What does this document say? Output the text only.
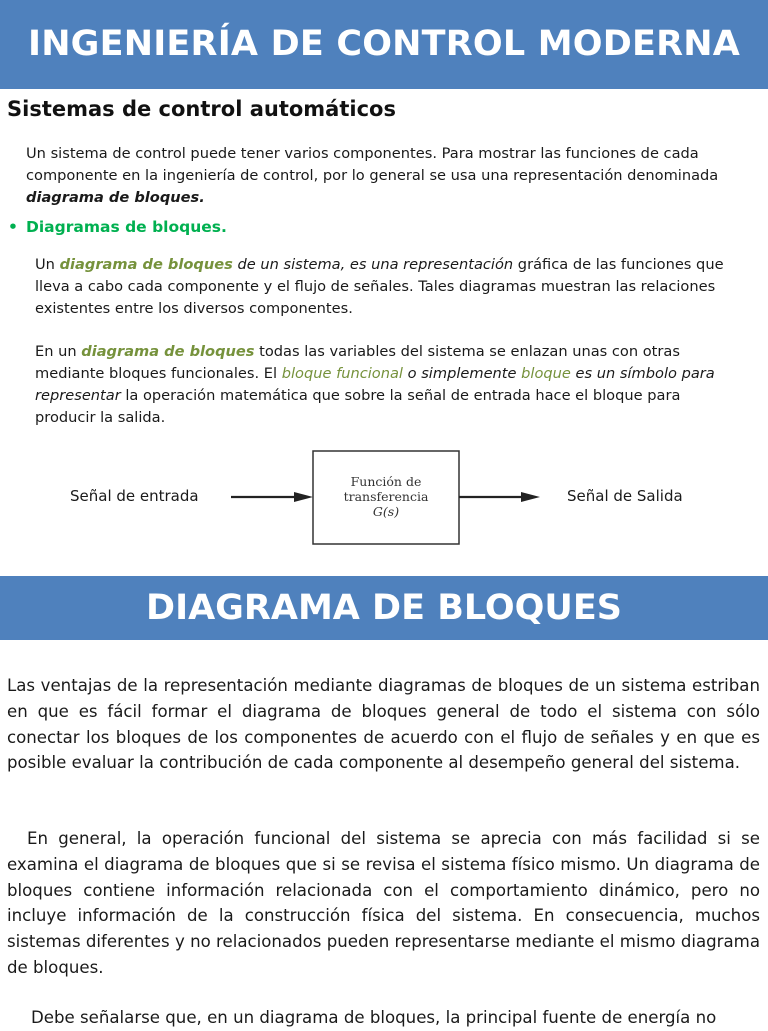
INGENIERÍA DE CONTROL MODERNA
Sistemas de control automáticos
Un sistema de control puede tener varios componentes. Para mostrar las funciones de cada componente en la ingeniería de control, por lo general se usa una representación denominada diagrama de bloques.
• Diagramas de bloques.
Un diagrama de bloques de un sistema, es una representación gráfica de las funciones que lleva a cabo cada componente y el flujo de señales. Tales diagramas muestran las relaciones existentes entre los diversos componentes.
En un diagrama de bloques todas las variables del sistema se enlazan unas con otras mediante bloques funcionales. El bloque funcional o simplemente bloque es un símbolo para representar la operación matemática que sobre la señal de entrada hace el bloque para producir la salida.
Señal de entrada	Señal de Salida
Función de
transferencia
G(s)
DIAGRAMA DE BLOQUES
Las ventajas de la representación mediante diagramas de bloques de un sistema estriban en que es fácil formar el diagrama de bloques general de todo el sistema con sólo conectar los bloques de los componentes de acuerdo con el flujo de señales y en que es posible evaluar la contribución de cada componente al desempeño general del sistema.
En general, la operación funcional del sistema se aprecia con más facilidad si se examina el diagrama de bloques que si se revisa el sistema físico mismo. Un diagrama de bloques contiene información relacionada con el comportamiento dinámico, pero no incluye información de la construcción física del sistema. En consecuencia, muchos sistemas diferentes y no relacionados pueden representarse mediante el mismo diagrama de bloques.
Debe señalarse que, en un diagrama de bloques, la principal fuente de energía no
